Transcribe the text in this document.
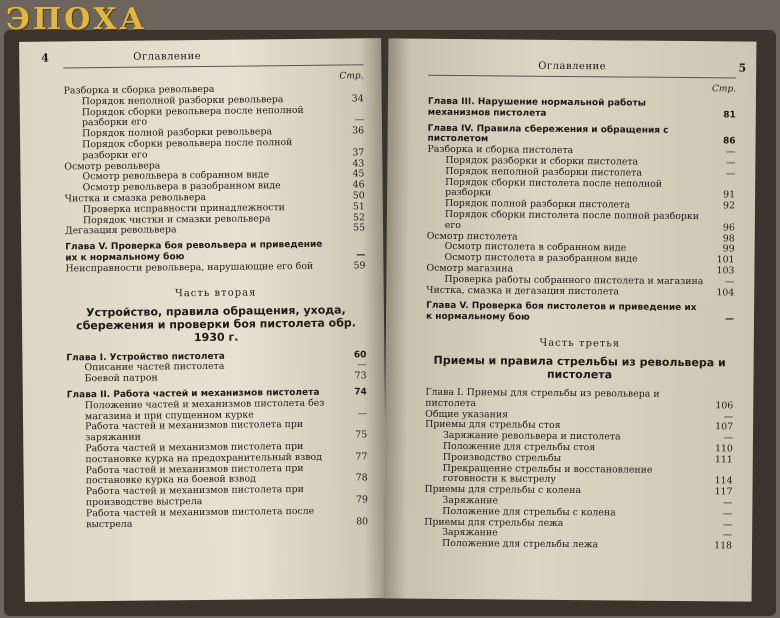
ЭПОХА
4	Оглавление
Стр.
Разборка и сборка револьвера
Порядок неполной разборки револьвера	34
Порядок сборки револьвера после неполной разборки его	—
Порядок полной разборки револьвера	36
Порядок сборки револьвера после полной разборки его	37
Осмотр револьвера	43
Осмотр револьвера в собранном виде	45
Осмотр револьвера в разобранном виде	46
Чистка и смазка револьвера	50
Проверка исправности принадлежности	51
Порядок чистки и смазки револьвера	52
Дегазация револьвера	55
Глава V. Проверка боя револьвера и приведение их к нормальному бою	—
Неисправности револьвера, нарушающие его бой	59
Часть вторая
Устройство, правила обращения, ухода, сбережения и проверки боя пистолета обр. 1930 г.
Глава I. Устройство пистолета	60
Описание частей пистолета	—
Боевой патрон	73
Глава II. Работа частей и механизмов пистолета	74
Положение частей и механизмов пистолета без магазина и при спущенном курке	—
Работа частей и механизмов пистолета при заряжании	75
Работа частей и механизмов пистолета при постановке курка на предохранительный взвод	77
Работа частей и механизмов пистолета при постановке курка на боевой взвод	78
Работа частей и механизмов пистолета при производстве выстрела	79
Работа частей и механизмов пистолета после выстрела	80
Оглавление	5
Стр.
Глава III. Нарушение нормальной работы механизмов пистолета	81
Глава IV. Правила сбережения и обращения с пистолетом	86
Разборка и сборка пистолета	—
Порядок разборки и сборки пистолета	—
Порядок неполной разборки пистолета	—
Порядок сборки пистолета после неполной разборки	91
Порядок полной разборки пистолета	92
Порядок сборки пистолета после полной разборки его	96
Осмотр пистолета	98
Осмотр пистолета в собранном виде	99
Осмотр пистолета в разобранном виде	101
Осмотр магазина	103
Проверка работы собранного пистолета и магазина	—
Чистка, смазка и дегазация пистолета	104
Глава V. Проверка боя пистолетов и приведение их к нормальному бою	—
Часть третья
Приемы и правила стрельбы из револьвера и пистолета
Глава I. Приемы для стрельбы из револьвера и пистолета	106
Общие указания	—
Приемы для стрельбы стоя	107
Заряжание револьвера и пистолета	—
Положение для стрельбы стоя	110
Производство стрельбы	111
Прекращение стрельбы и восстановление готовности к выстрелу	114
Приемы для стрельбы с колена	117
Заряжание	—
Положение для стрельбы с колена	—
Приемы для стрельбы лежа	—
Заряжание	—
Положение для стрельбы лежа	118
